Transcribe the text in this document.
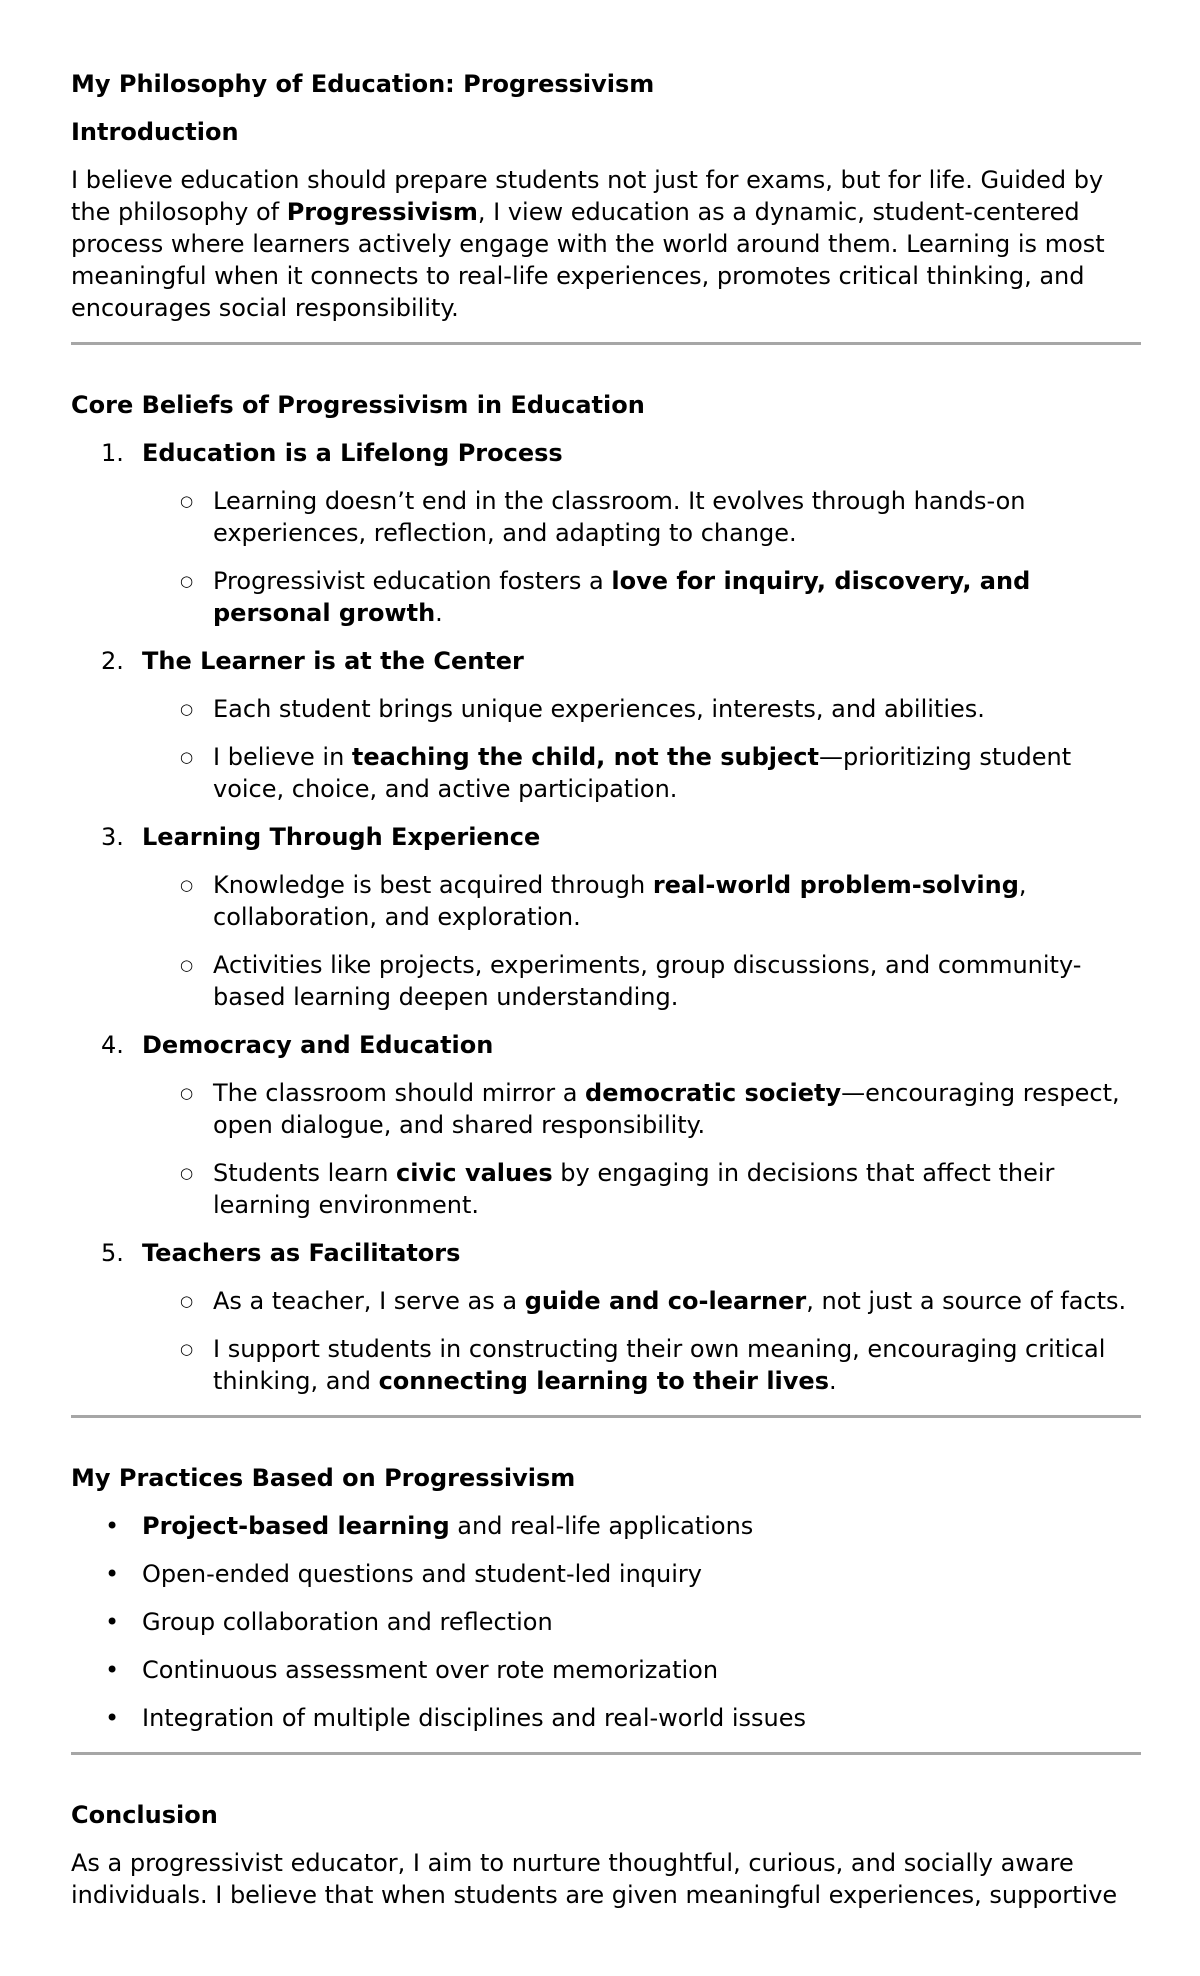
My Philosophy of Education: Progressivism

Introduction

I believe education should prepare students not just for exams, but for life. Guided by the philosophy of Progressivism, I view education as a dynamic, student-centered process where learners actively engage with the world around them. Learning is most meaningful when it connects to real-life experiences, promotes critical thinking, and encourages social responsibility.

Core Beliefs of Progressivism in Education

1. Education is a Lifelong Process
○ Learning doesn’t end in the classroom. It evolves through hands-on experiences, reflection, and adapting to change.
○ Progressivist education fosters a love for inquiry, discovery, and personal growth.
2. The Learner is at the Center
○ Each student brings unique experiences, interests, and abilities.
○ I believe in teaching the child, not the subject—prioritizing student voice, choice, and active participation.
3. Learning Through Experience
○ Knowledge is best acquired through real-world problem-solving, collaboration, and exploration.
○ Activities like projects, experiments, group discussions, and community-based learning deepen understanding.
4. Democracy and Education
○ The classroom should mirror a democratic society—encouraging respect, open dialogue, and shared responsibility.
○ Students learn civic values by engaging in decisions that affect their learning environment.
5. Teachers as Facilitators
○ As a teacher, I serve as a guide and co-learner, not just a source of facts.
○ I support students in constructing their own meaning, encouraging critical thinking, and connecting learning to their lives.

My Practices Based on Progressivism

• Project-based learning and real-life applications
• Open-ended questions and student-led inquiry
• Group collaboration and reflection
• Continuous assessment over rote memorization
• Integration of multiple disciplines and real-world issues

Conclusion

As a progressivist educator, I aim to nurture thoughtful, curious, and socially aware individuals. I believe that when students are given meaningful experiences, supportive
